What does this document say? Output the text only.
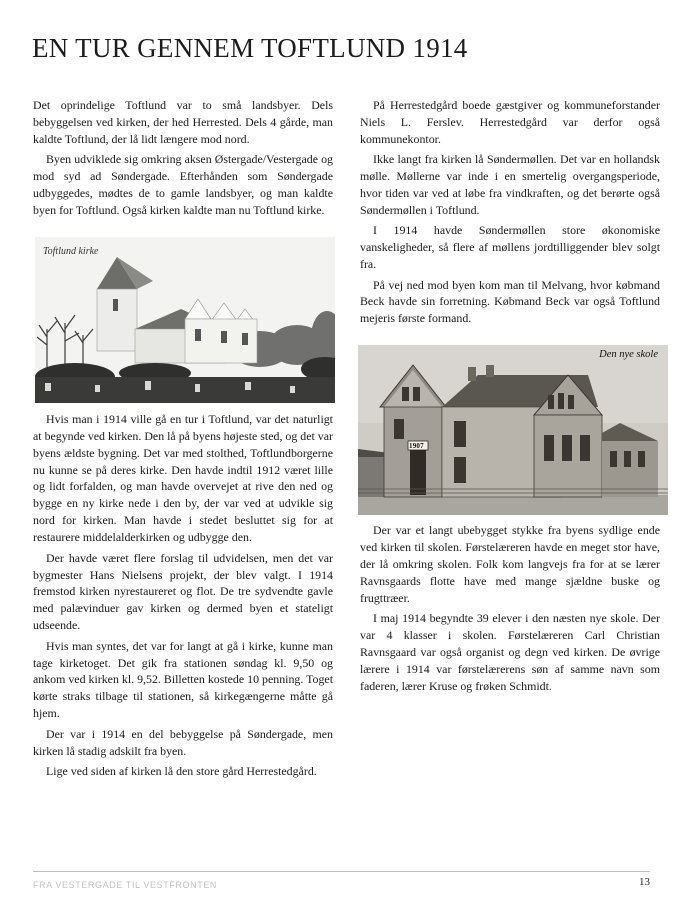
EN TUR GENNEM TOFTLUND 1914

Det oprindelige Toftlund var to små landsbyer. Dels bebyggelsen ved kirken, der hed Herrested. Dels 4 gårde, man kaldte Toftlund, der lå lidt længere mod nord.

Byen udviklede sig omkring aksen Østergade/Vestergade og mod syd ad Søndergade. Efterhånden som Søndergade udbyggedes, mødtes de to gamle landsbyer, og man kaldte byen for Toftlund. Også kirken kaldte man nu Toftlund kirke.

Toftlund kirke

Hvis man i 1914 ville gå en tur i Toftlund, var det naturligt at begynde ved kirken. Den lå på byens højeste sted, og det var byens ældste bygning. Det var med stolthed, Toftlundborgerne nu kunne se på deres kirke. Den havde indtil 1912 været lille og lidt forfalden, og man havde overvejet at rive den ned og bygge en ny kirke nede i den by, der var ved at udvikle sig nord for kirken. Man havde i stedet besluttet sig for at restaurere middelalderkirken og udbygge den.

Der havde været flere forslag til udvidelsen, men det var bygmester Hans Nielsens projekt, der blev valgt. I 1914 fremstod kirken nyrestaureret og flot. De tre sydvendte gavle med palævinduer gav kirken og dermed byen et stateligt udseende.

Hvis man syntes, det var for langt at gå i kirke, kunne man tage kirketoget. Det gik fra stationen søndag kl. 9,50 og ankom ved kirken kl. 9,52. Billetten kostede 10 penning. Toget kørte straks tilbage til stationen, så kirkegængerne måtte gå hjem.

Der var i 1914 en del bebyggelse på Søndergade, men kirken lå stadig adskilt fra byen.

Lige ved siden af kirken lå den store gård Herrestedgård.

På Herrestedgård boede gæstgiver og kommuneforstander Niels L. Ferslev. Herrestedgård var derfor også kommunekontor.

Ikke langt fra kirken lå Søndermøllen. Det var en hollandsk mølle. Møllerne var inde i en smertelig overgangsperiode, hvor tiden var ved at løbe fra vindkraften, og det berørte også Søndermøllen i Toftlund.

I 1914 havde Søndermøllen store økonomiske vanskeligheder, så flere af møllens jordtilliggender blev solgt fra.

På vej ned mod byen kom man til Melvang, hvor købmand Beck havde sin forretning. Købmand Beck var også Toftlund mejeris første formand.

Den nye skole
1907

Der var et langt ubebygget stykke fra byens sydlige ende ved kirken til skolen. Førstelæreren havde en meget stor have, der lå omkring skolen. Folk kom langvejs fra for at se lærer Ravnsgaards flotte have med mange sjældne buske og frugttræer.

I maj 1914 begyndte 39 elever i den næsten nye skole. Der var 4 klasser i skolen. Førstelæreren Carl Christian Ravnsgaard var også organist og degn ved kirken. De øvrige lærere i 1914 var førstelærerens søn af samme navn som faderen, lærer Kruse og frøken Schmidt.

FRA VESTERGADE TIL VESTFRONTEN	13
